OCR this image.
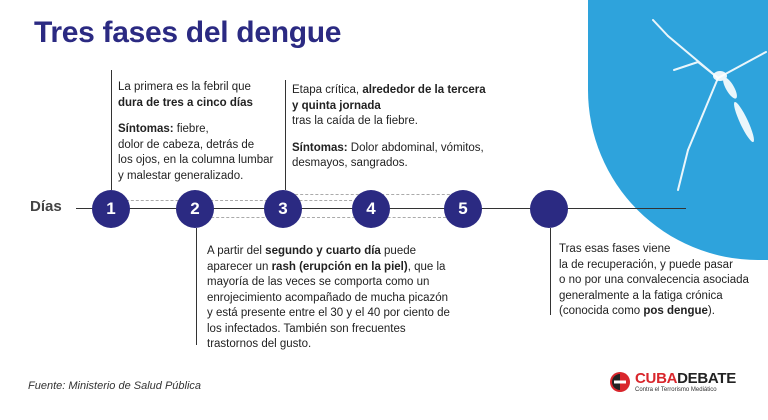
Tres fases del dengue
Días	1	2	3	4	5

La primera es la febril que

dura de tres a cinco días

Síntomas: fiebre,

dolor de cabeza, detrás de

los ojos, en la columna lumbar

y malestar generalizado.

Etapa crítica, alrededor de la tercera

y quinta jornada

tras la caída de la fiebre.

Síntomas: Dolor abdominal, vómitos,

desmayos, sangrados.

A partir del segundo y cuarto día puede

aparecer un rash (erupción en la piel), que la

mayoría de las veces se comporta como un

enrojecimiento acompañado de mucha picazón

y está presente entre el 30 y el 40 por ciento de

los infectados. También son frecuentes

trastornos del gusto.

Tras esas fases viene

la de recuperación, y puede pasar

o no por una convalecencia asociada

generalmente a la fatiga crónica

(conocida como pos dengue).

Fuente: Ministerio de Salud Pública	CUBADEBATE
Contra el Terrorismo Mediático
